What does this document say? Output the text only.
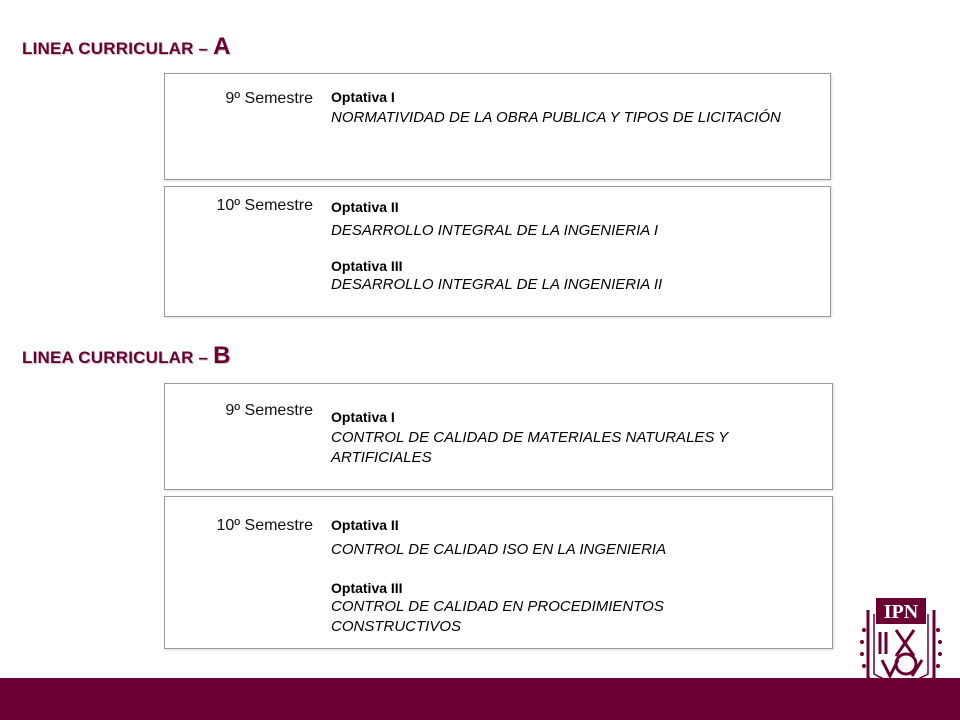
LINEA CURRICULAR – A
9º Semestre Optativa I
NORMATIVIDAD DE LA OBRA PUBLICA Y TIPOS DE LICITACIÓN
10º Semestre Optativa II
DESARROLLO INTEGRAL DE LA INGENIERIA I
Optativa III
DESARROLLO INTEGRAL DE LA INGENIERIA II
LINEA CURRICULAR – B
9º Semestre Optativa I
CONTROL DE CALIDAD DE MATERIALES NATURALES Y ARTIFICIALES
10º Semestre Optativa II
CONTROL DE CALIDAD ISO EN LA INGENIERIA
Optativa III
CONTROL DE CALIDAD EN PROCEDIMIENTOS CONSTRUCTIVOS
IPN
